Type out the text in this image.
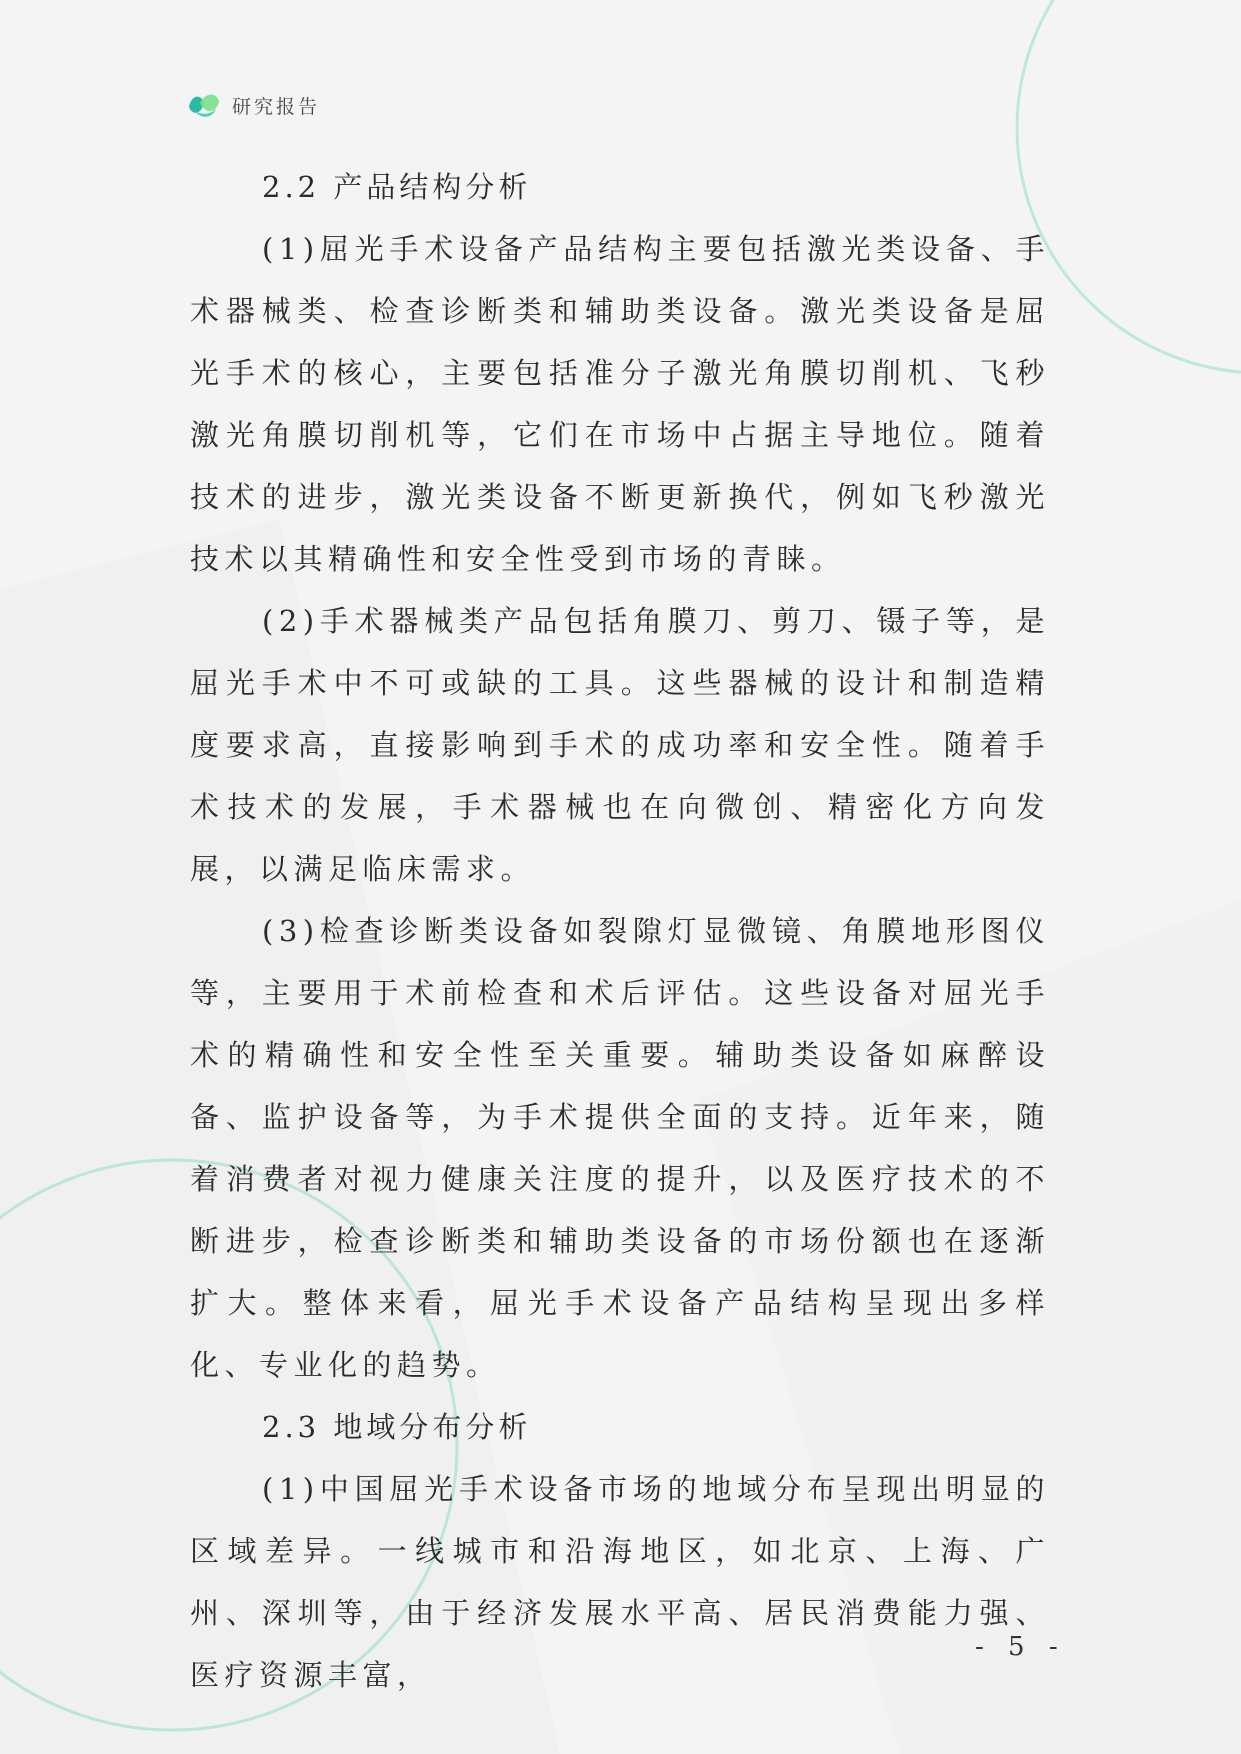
研究报告

2.2 产品结构分析

(1)屈光手术设备产品结构主要包括激光类设备、手术器械类、检查诊断类和辅助类设备。激光类设备是屈光手术的核心，主要包括准分子激光角膜切削机、飞秒激光角膜切削机等，它们在市场中占据主导地位。随着技术的进步，激光类设备不断更新换代，例如飞秒激光技术以其精确性和安全性受到市场的青睐。

(2)手术器械类产品包括角膜刀、剪刀、镊子等，是屈光手术中不可或缺的工具。这些器械的设计和制造精度要求高，直接影响到手术的成功率和安全性。随着手术技术的发展，手术器械也在向微创、精密化方向发展，以满足临床需求。

(3)检查诊断类设备如裂隙灯显微镜、角膜地形图仪等，主要用于术前检查和术后评估。这些设备对屈光手术的精确性和安全性至关重要。辅助类设备如麻醉设备、监护设备等，为手术提供全面的支持。近年来，随着消费者对视力健康关注度的提升，以及医疗技术的不断进步，检查诊断类和辅助类设备的市场份额也在逐渐扩大。整体来看，屈光手术设备产品结构呈现出多样化、专业化的趋势。

2.3 地域分布分析

(1)中国屈光手术设备市场的地域分布呈现出明显的区域差异。一线城市和沿海地区，如北京、上海、广州、深圳等，由于经济发展水平高、居民消费能力强、医疗资源丰富，

- 5 -
